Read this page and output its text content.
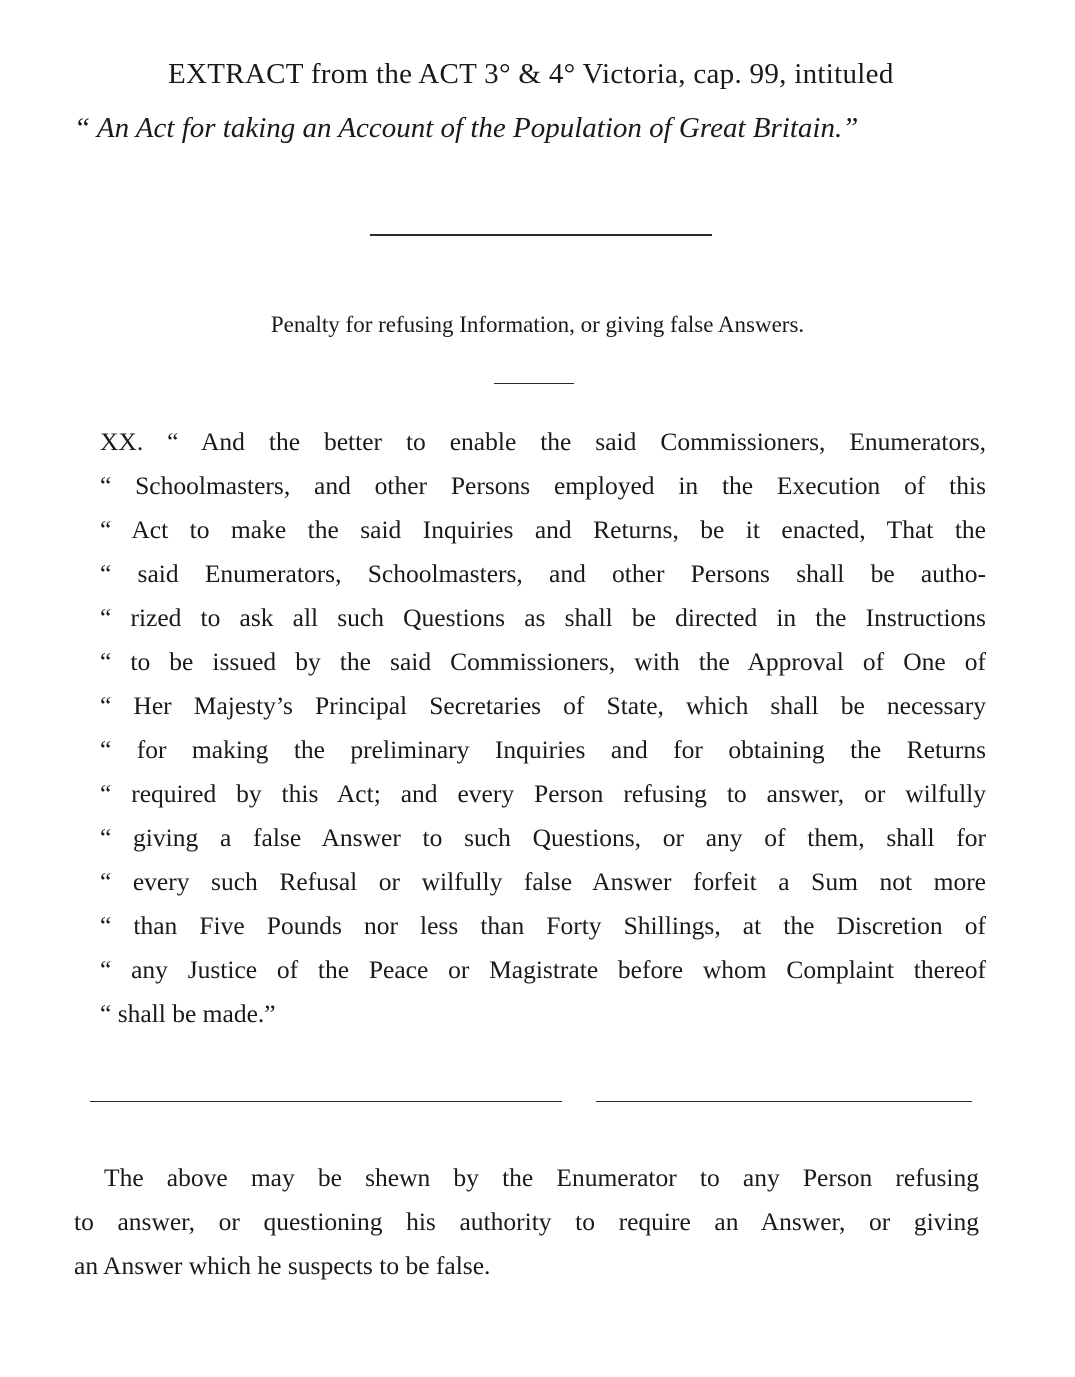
EXTRACT from the ACT 3° & 4° Victoria, cap. 99, intituled
“ An Act for taking an Account of the Population of Great Britain.”
Penalty for refusing Information, or giving false Answers.
XX. “ And the better to enable the said Commissioners, Enumerators,
“ Schoolmasters, and other Persons employed in the Execution of this
“ Act to make the said Inquiries and Returns, be it enacted, That the
“ said Enumerators, Schoolmasters, and other Persons shall be autho-
“ rized to ask all such Questions as shall be directed in the Instructions
“ to be issued by the said Commissioners, with the Approval of One of
“ Her Majesty’s Principal Secretaries of State, which shall be necessary
“ for making the preliminary Inquiries and for obtaining the Returns
“ required by this Act; and every Person refusing to answer, or wilfully
“ giving a false Answer to such Questions, or any of them, shall for
“ every such Refusal or wilfully false Answer forfeit a Sum not more
“ than Five Pounds nor less than Forty Shillings, at the Discretion of
“ any Justice of the Peace or Magistrate before whom Complaint thereof
“ shall be made.”
The above may be shewn by the Enumerator to any Person refusing
to answer, or questioning his authority to require an Answer, or giving
an Answer which he suspects to be false.
